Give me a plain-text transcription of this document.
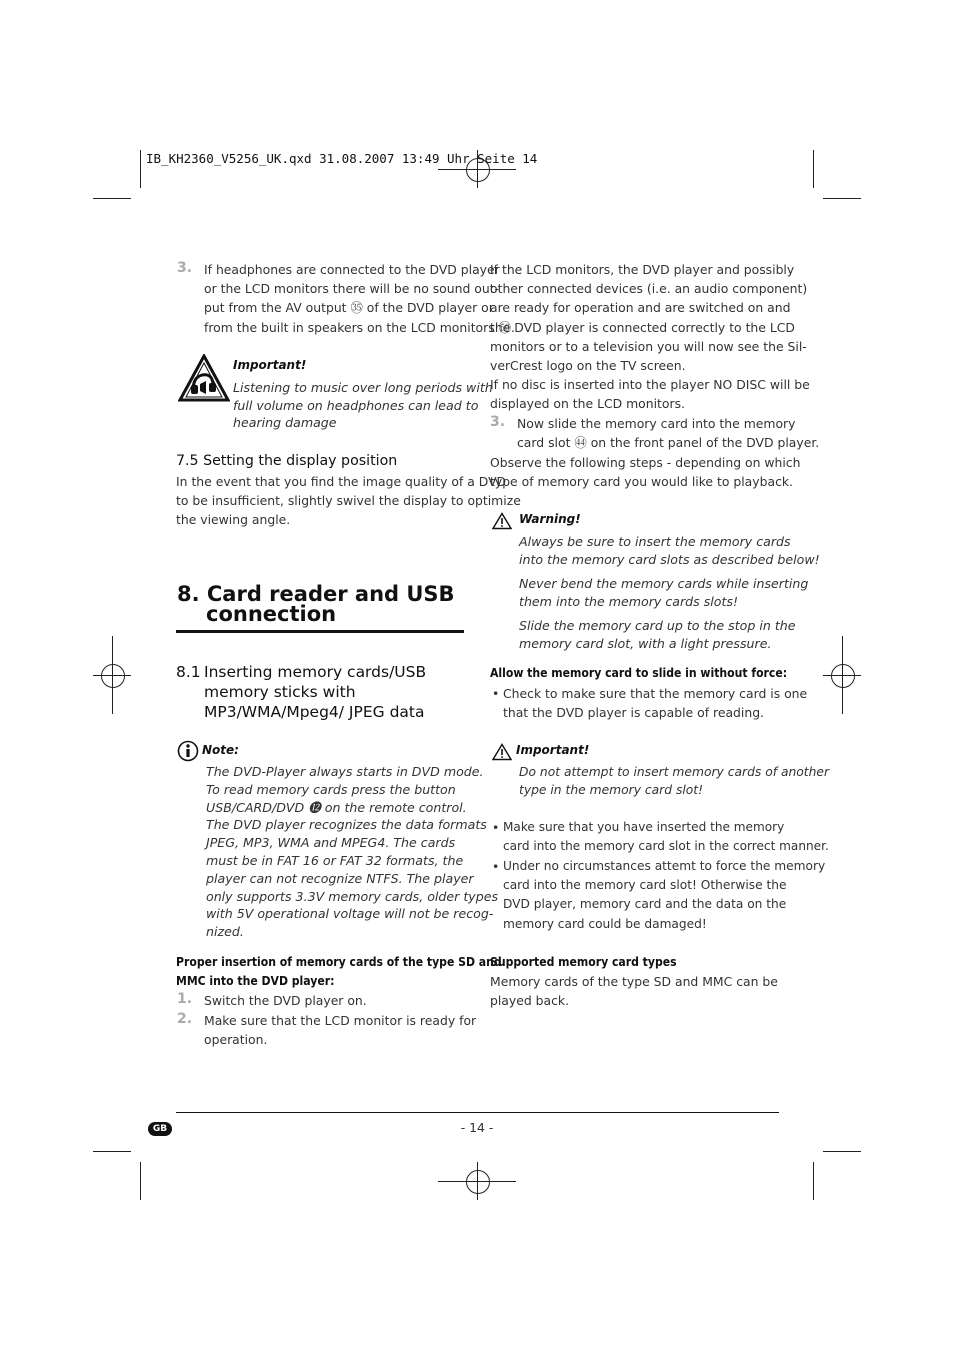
IB_KH2360_V5256_UK.qxd 31.08.2007 13:49 Uhr Seite 14
3. If headphones are connected to the DVD player
or the LCD monitors there will be no sound out-
put from the AV output ㉟ of the DVD player or
from the built in speakers on the LCD monitors ㊿.
Important!
Listening to music over long periods with
full volume on headphones can lead to
hearing damage
7.5 Setting the display position
In the event that you find the image quality of a DVD
to be insufficient, slightly swivel the display to optimize
the viewing angle.
8. Card reader and USB
connection
8.1 Inserting memory cards/USB
memory sticks with
MP3/WMA/Mpeg4/ JPEG data
Note:
The DVD-Player always starts in DVD mode.
To read memory cards press the button
USB/CARD/DVD ⓬ on the remote control.
The DVD player recognizes the data formats
JPEG, MP3, WMA and MPEG4. The cards
must be in FAT 16 or FAT 32 formats, the
player can not recognize NTFS. The player
only supports 3.3V memory cards, older types
with 5V operational voltage will not be recog-
nized.
Proper insertion of memory cards of the type SD and
MMC into the DVD player:
1. Switch the DVD player on.
2. Make sure that the LCD monitor is ready for
operation.
If the LCD monitors, the DVD player and possibly
other connected devices (i.e. an audio component)
are ready for operation and are switched on and
the DVD player is connected correctly to the LCD
monitors or to a television you will now see the Sil-
verCrest logo on the TV screen.
If no disc is inserted into the player NO DISC will be
displayed on the LCD monitors.
3. Now slide the memory card into the memory
card slot ㊹ on the front panel of the DVD player.
Observe the following steps - depending on which
type of memory card you would like to playback.
Warning!
Always be sure to insert the memory cards
into the memory card slots as described below!
Never bend the memory cards while inserting
them into the memory cards slots!
Slide the memory card up to the stop in the
memory card slot, with a light pressure.
Allow the memory card to slide in without force:
• Check to make sure that the memory card is one
that the DVD player is capable of reading.
Important!
Do not attempt to insert memory cards of another
type in the memory card slot!
• Make sure that you have inserted the memory
card into the memory card slot in the correct manner.
• Under no circumstances attemt to force the memory
card into the memory card slot! Otherwise the
DVD player, memory card and the data on the
memory card could be damaged!
Supported memory card types
Memory cards of the type SD and MMC can be
played back.
GB	- 14 -
